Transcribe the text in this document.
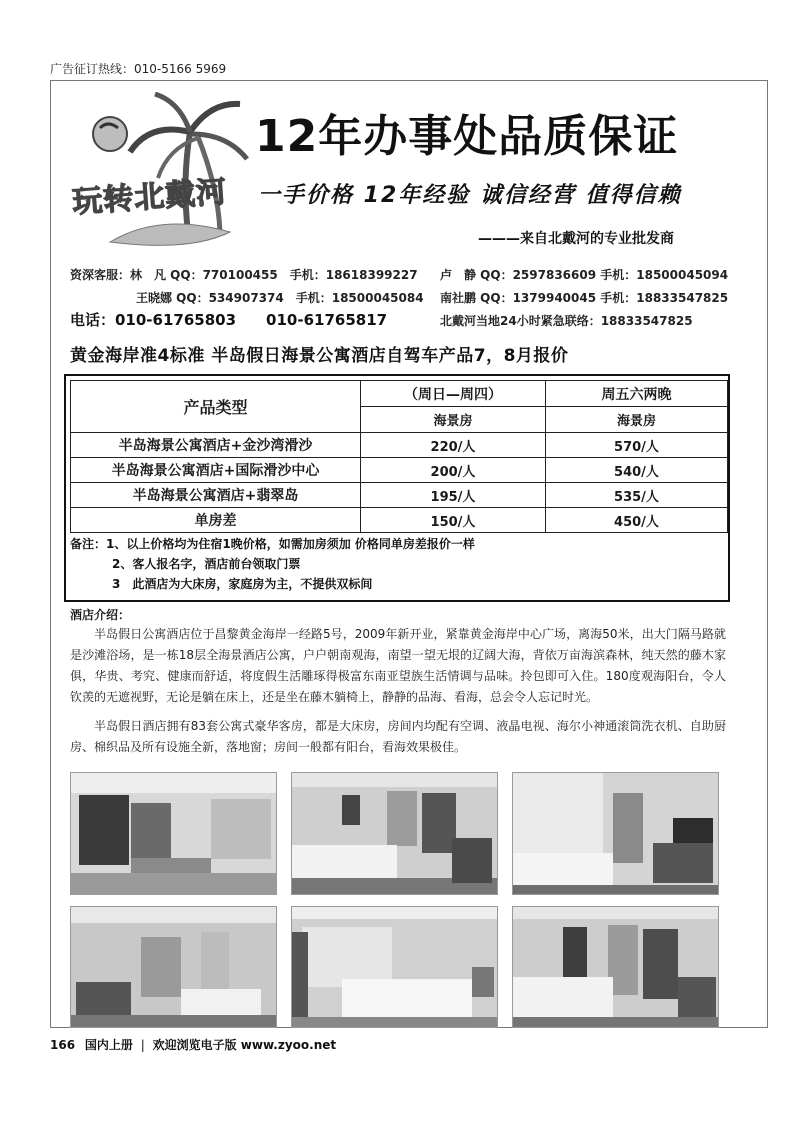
广告征订热线：010-5166 5969
玩转北戴河
12年办事处品质保证
一手价格 12年经验 诚信经营 值得信赖
———来自北戴河的专业批发商
资深客服：林　凡 QQ：770100455　手机：18618399227 卢　静 QQ：2597836609 手机：18500045094
王晓娜 QQ：534907374　手机：18500045084 南社鹏 QQ：1379940045 手机：18833547825
电话：010-61765803　　010-61765817	北戴河当地24小时紧急联络：18833547825
黄金海岸准4标准 半岛假日海景公寓酒店自驾车产品7，8月报价
产品类型	（周日—周四）	周五六两晚
	海景房	海景房
半岛海景公寓酒店+金沙湾滑沙	220/人	570/人
半岛海景公寓酒店+国际滑沙中心	200/人	540/人
半岛海景公寓酒店+翡翠岛	195/人	535/人
单房差	150/人	450/人
备注：1、以上价格均为住宿1晚价格，如需加房须加 价格同单房差报价一样
2、客人报名字，酒店前台领取门票
3　此酒店为大床房，家庭房为主，不提供双标间
酒店介绍：
半岛假日公寓酒店位于昌黎黄金海岸一经路5号，2009年新开业，紧靠黄金海岸中心广场，离海50米，出大门隔马路就是沙滩浴场，是一栋18层全海景酒店公寓，户户朝南观海，南望一望无垠的辽阔大海，背依万亩海滨森林，纯天然的藤木家俱，华贵、考究、健康而舒适，将度假生活雕琢得极富东南亚望族生活情调与品味。拎包即可入住。180度观海阳台，令人钦羡的无遮视野，无论是躺在床上，还是坐在藤木躺椅上，静静的品海、看海，总会令人忘记时光。
半岛假日酒店拥有83套公寓式豪华客房，都是大床房，房间内均配有空调、液晶电视、海尔小神通滚筒洗衣机、自助厨房、棉织品及所有设施全新，落地窗；房间一般都有阳台，看海效果极佳。
166 国内上册 | 欢迎浏览电子版 www.zyoo.net
